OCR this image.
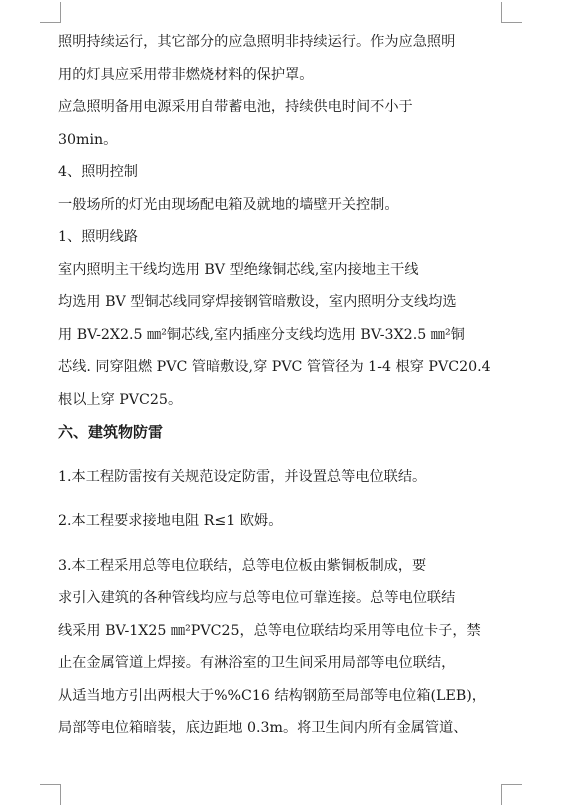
照明持续运行，其它部分的应急照明非持续运行。作为应急照明

用的灯具应采用带非燃烧材料的保护罩。

应急照明备用电源采用自带蓄电池，持续供电时间不小于

30min。

4、照明控制

一般场所的灯光由现场配电箱及就地的墙壁开关控制。

1、照明线路

室内照明主干线均选用 BV 型绝缘铜芯线,室内接地主干线

均选用 BV 型铜芯线同穿焊接钢管暗敷设，室内照明分支线均选

用 BV-2X2.5 ㎜²铜芯线,室内插座分支线均选用 BV-3X2.5 ㎜²铜

芯线. 同穿阻燃 PVC 管暗敷设,穿 PVC 管管径为 1-4 根穿 PVC20.4

根以上穿 PVC25。

六、建筑物防雷

1.本工程防雷按有关规范设定防雷，并设置总等电位联结。

2.本工程要求接地电阻 R≤1 欧姆。

3.本工程采用总等电位联结，总等电位板由紫铜板制成，要

求引入建筑的各种管线均应与总等电位可靠连接。总等电位联结

线采用 BV-1X25 ㎜²PVC25，总等电位联结均采用等电位卡子，禁

止在金属管道上焊接。有淋浴室的卫生间采用局部等电位联结，

从适当地方引出两根大于%%C16 结构钢筋至局部等电位箱(LEB)，

局部等电位箱暗装，底边距地 0.3m。将卫生间内所有金属管道、
